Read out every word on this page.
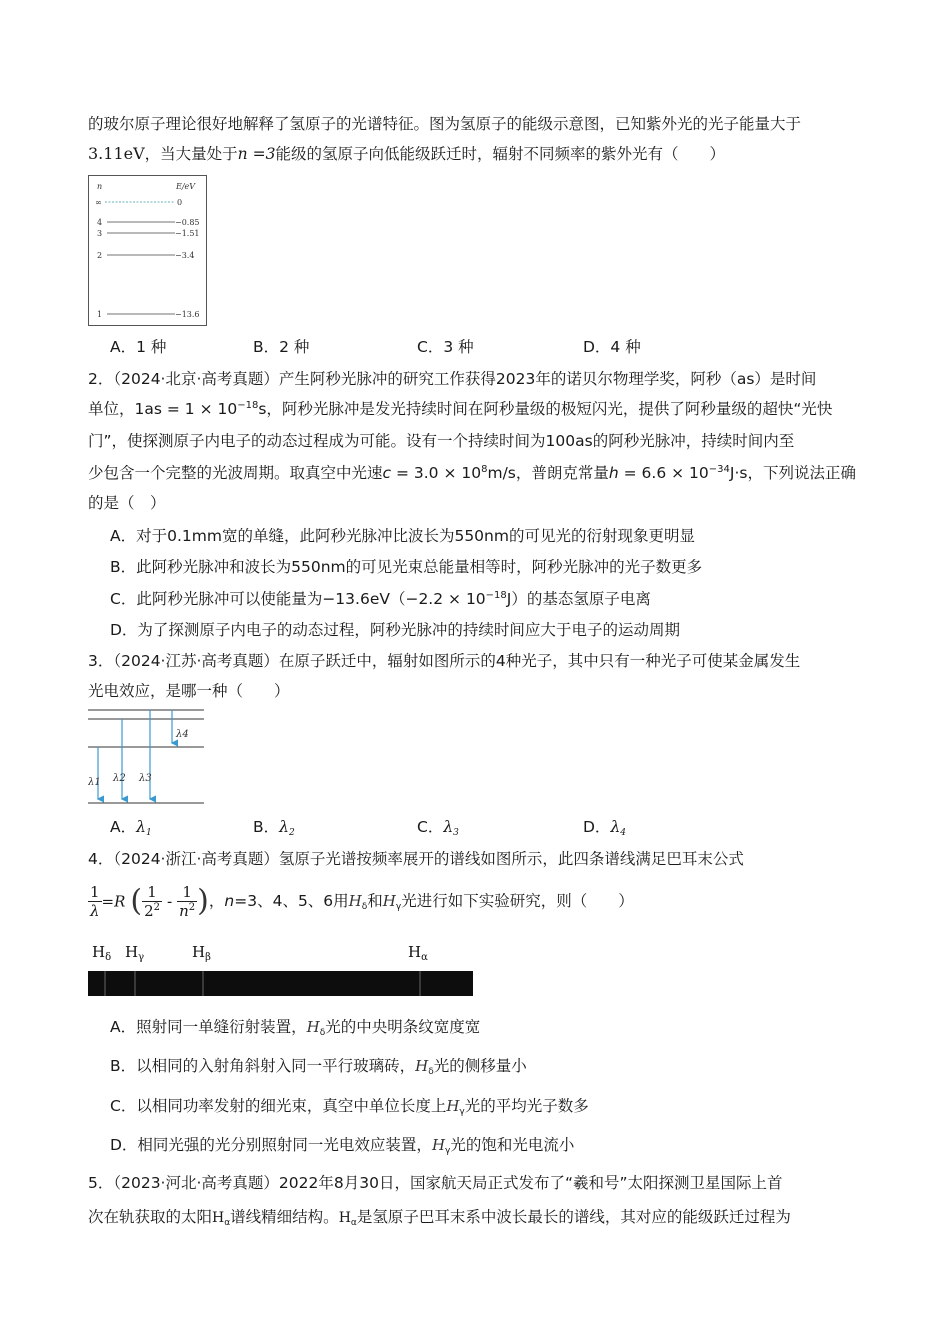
的玻尔原子理论很好地解释了氢原子的光谱特征。图为氢原子的能级示意图，已知紫外光的光子能量大于
3.11eV，当大量处于n =3能级的氢原子向低能级跃迁时，辐射不同频率的紫外光有（　　）
n	E/eV
∞	0
4	−0.85
3	−1.51
2	−3.4
1	−13.6
A．1 种	B．2 种	C．3 种	D．4 种
2．（2024·北京·高考真题）产生阿秒光脉冲的研究工作获得2023年的诺贝尔物理学奖，阿秒（as）是时间
单位，$1as = 1 \times 10^{-18}s$，阿秒光脉冲是发光持续时间在阿秒量级的极短闪光，提供了阿秒量级的超快“光快
门”，使探测原子内电子的动态过程成为可能。设有一个持续时间为100as的阿秒光脉冲，持续时间内至
少包含一个完整的光波周期。取真空中光速$c = 3.0 \times 10^8m/s$，普朗克常量$h = 6.6 \times 10^{-34}J\cdot s$，下列说法正确
的是（　）
A．对于0.1mm宽的单缝，此阿秒光脉冲比波长为550nm的可见光的衍射现象更明显
B．此阿秒光脉冲和波长为550nm的可见光束总能量相等时，阿秒光脉冲的光子数更多
C．此阿秒光脉冲可以使能量为$-13.6eV(-2.2 \times 10^{-18}J)$的基态氢原子电离
D．为了探测原子内电子的动态过程，阿秒光脉冲的持续时间应大于电子的运动周期
3．（2024·江苏·高考真题）在原子跃迁中，辐射如图所示的4种光子，其中只有一种光子可使某金属发生
光电效应，是哪一种（　　）
λ1 λ2 λ3
λ4
A．$\lambda_1$	B．$\lambda_2$	C．$\lambda_3$	D．$\lambda_4$
4．（2024·浙江·高考真题）氢原子光谱按频率展开的谱线如图所示，此四条谱线满足巴耳末公式
$\frac{1}{\lambda} =R$ ( $\frac{1}{2^2} - \frac{1}{n^2}$ )，n=3、4、5、6用$H_\delta$和$H_\gamma$光进行如下实验研究，则（　　）
$H_\delta$ $H_\gamma$	$H_\beta$	$H_\alpha$
A．照射同一单缝衍射装置，$H_\delta$光的中央明条纹宽度宽
B．以相同的入射角斜射入同一平行玻璃砖，$H_\delta$光的侧移量小
C．以相同功率发射的细光束，真空中单位长度上$H_\gamma$光的平均光子数多
D．相同光强的光分别照射同一光电效应装置，$H_\gamma$光的饱和光电流小
5．（2023·河北·高考真题）2022年8月30日，国家航天局正式发布了“羲和号”太阳探测卫星国际上首
次在轨获取的太阳$H_\alpha$谱线精细结构。$H_\alpha$是氢原子巴耳末系中波长最长的谱线，其对应的能级跃迁过程为
